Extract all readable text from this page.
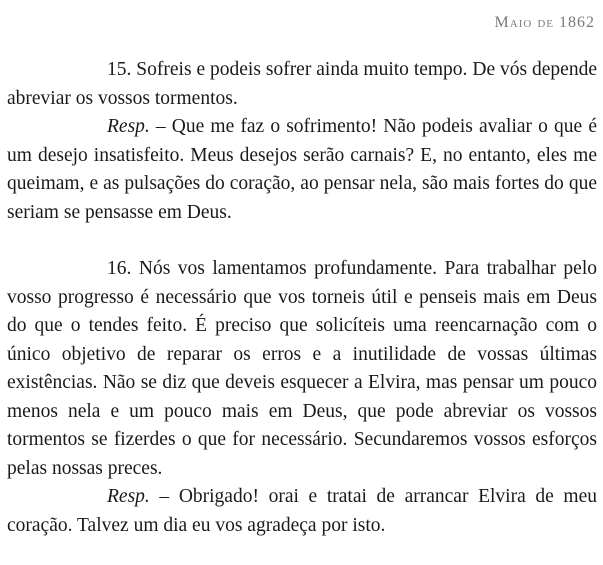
Maio de 1862

15. Sofreis e podeis sofrer ainda muito tempo. De vós depende abreviar os vossos tormentos.

Resp. – Que me faz o sofrimento! Não podeis avaliar o que é um desejo insatisfeito. Meus desejos serão carnais? E, no entanto, eles me queimam, e as pulsações do coração, ao pensar nela, são mais fortes do que seriam se pensasse em Deus.

16. Nós vos lamentamos profundamente. Para trabalhar pelo vosso progresso é necessário que vos torneis útil e penseis mais em Deus do que o tendes feito. É preciso que solicíteis uma reencarnação com o único objetivo de reparar os erros e a inutilidade de vossas últimas existências. Não se diz que deveis esquecer a Elvira, mas pensar um pouco menos nela e um pouco mais em Deus, que pode abreviar os vossos tormentos se fizerdes o que for necessário. Secundaremos vossos esforços pelas nossas preces.

Resp. – Obrigado! orai e tratai de arrancar Elvira de meu coração. Talvez um dia eu vos agradeça por isto.
